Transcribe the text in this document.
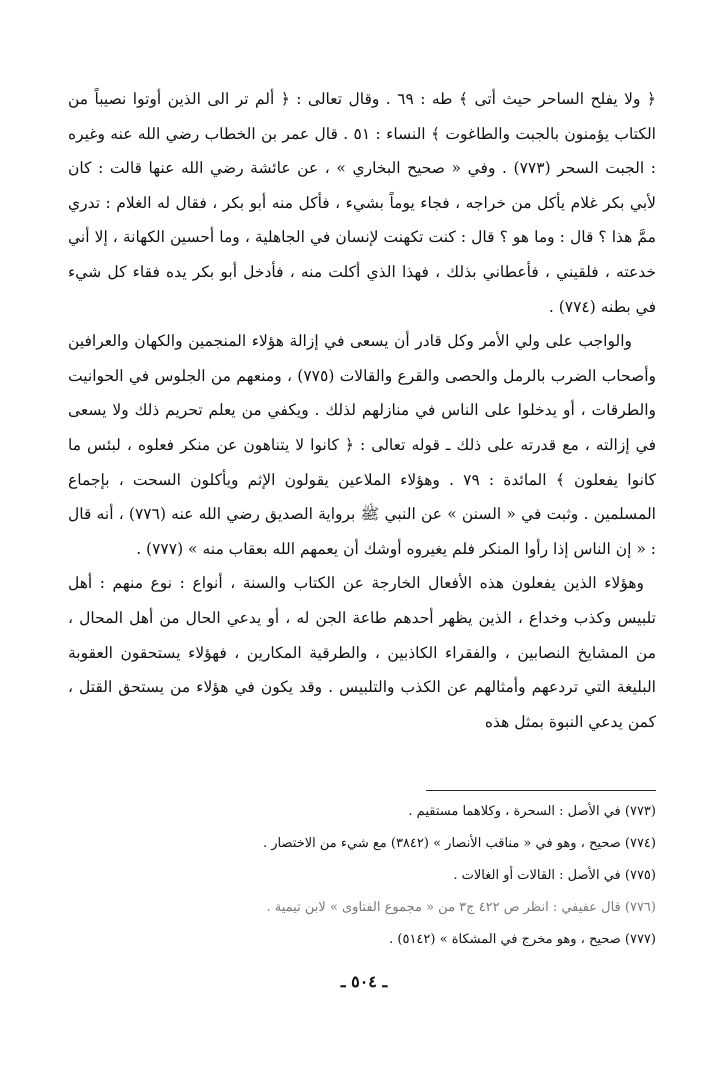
﴿ ولا يفلح الساحر حيث أتى ﴾ طه : ٦٩ . وقال تعالى : ﴿ ألم تر الى الذين أوتوا نصيباً من الكتاب يؤمنون بالجبت والطاغوت ﴾ النساء : ٥١ . قال عمر بن الخطاب رضي الله عنه وغيره : الجبت السحر (٧٧٣) . وفي « صحيح البخاري » ، عن عائشة رضي الله عنها قالت : كان لأبي بكر غلام يأكل من خراجه ، فجاء يوماً بشيء ، فأكل منه أبو بكر ، فقال له الغلام : تدري ممَّ هذا ؟ قال : وما هو ؟ قال : كنت تكهنت لإنسان في الجاهلية ، وما أحسين الكهانة ، إلا أني خدعته ، فلقيني ، فأعطاني بذلك ، فهذا الذي أكلت منه ، فأدخل أبو بكر يده فقاء كل شيء في بطنه (٧٧٤) .

والواجب على ولي الأمر وكل قادر أن يسعى في إزالة هؤلاء المنجمين والكهان والعرافين وأصحاب الضرب بالرمل والحصى والقرع والقالات (٧٧٥) ، ومنعهم من الجلوس في الحوانيت والطرقات ، أو يدخلوا على الناس في منازلهم لذلك . ويكفي من يعلم تحريم ذلك ولا يسعى في إزالته ، مع قدرته على ذلك ـ قوله تعالى : ﴿ كانوا لا يتناهون عن منكر فعلوه ، لبئس ما كانوا يفعلون ﴾ المائدة : ٧٩ . وهؤلاء الملاعين يقولون الإثم ويأكلون السحت ، بإجماع المسلمين . وثبت في « السنن » عن النبي ﷺ برواية الصديق رضي الله عنه (٧٧٦) ، أنه قال : « إن الناس إذا رأوا المنكر فلم يغيروه أوشك أن يعمهم الله بعقاب منه » (٧٧٧) .

وهؤلاء الذين يفعلون هذه الأفعال الخارجة عن الكتاب والسنة ، أنواع : نوع منهم : أهل تلبيس وكذب وخداع ، الذين يظهر أحدهم طاعة الجن له ، أو يدعي الحال من أهل المحال ، من المشايخ النصابين ، والفقراء الكاذبين ، والطرقية المكارين ، فهؤلاء يستحقون العقوبة البليغة التي تردعهم وأمثالهم عن الكذب والتلبيس . وقد يكون في هؤلاء من يستحق القتل ، كمن يدعي النبوة بمثل هذه

(٧٧٣) في الأصل : السحرة ، وكلاهما مستقيم .
(٧٧٤) صحيح ، وهو في « مناقب الأنصار » (٣٨٤٢) مع شيء من الاختصار .
(٧٧٥) في الأصل : القالات أو الغالات .
(٧٧٦) قال عفيفي : انظر ص ٤٢٢ ج٣ من « مجموع الفتاوى » لابن تيمية .
(٧٧٧) صحيح ، وهو مخرج في المشكاة » (٥١٤٢) .
ـ ٥٠٤ ـ
